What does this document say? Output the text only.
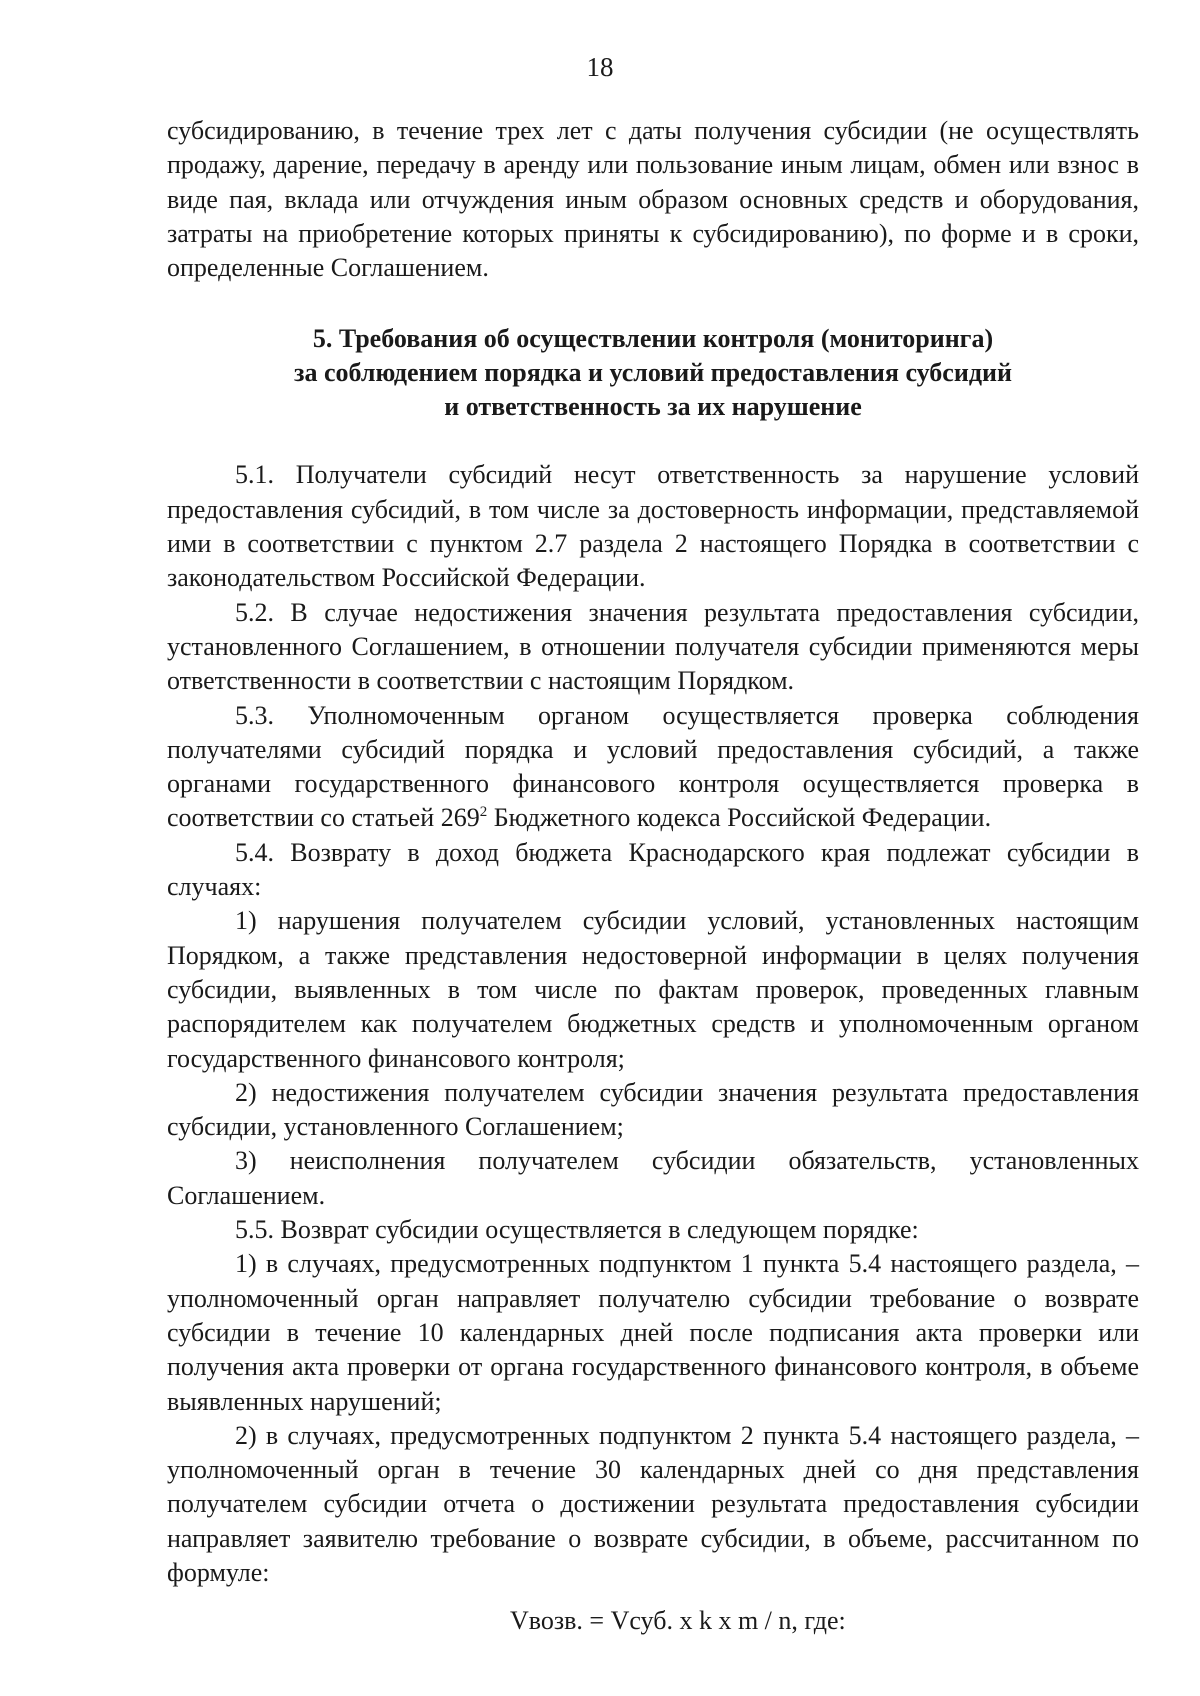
18

субсидированию, в течение трех лет с даты получения субсидии (не осуществлять продажу, дарение, передачу в аренду или пользование иным лицам, обмен или взнос в виде пая, вклада или отчуждения иным образом основных средств и оборудования, затраты на приобретение которых приняты к субсидированию), по форме и в сроки, определенные Соглашением.

5. Требования об осуществлении контроля (мониторинга)
за соблюдением порядка и условий предоставления субсидий
и ответственность за их нарушение

5.1. Получатели субсидий несут ответственность за нарушение условий предоставления субсидий, в том числе за достоверность информации, представляемой ими в соответствии с пунктом 2.7 раздела 2 настоящего Порядка в соответствии с законодательством Российской Федерации.

5.2. В случае недостижения значения результата предоставления субсидии, установленного Соглашением, в отношении получателя субсидии применяются меры ответственности в соответствии с настоящим Порядком.

5.3. Уполномоченным органом осуществляется проверка соблюдения получателями субсидий порядка и условий предоставления субсидий, а также органами государственного финансового контроля осуществляется проверка в соответствии со статьей $269^2$ Бюджетного кодекса Российской Федерации.

5.4. Возврату в доход бюджета Краснодарского края подлежат субсидии в случаях:

1) нарушения получателем субсидии условий, установленных настоящим Порядком, а также представления недостоверной информации в целях получения субсидии, выявленных в том числе по фактам проверок, проведенных главным распорядителем как получателем бюджетных средств и уполномоченным органом государственного финансового контроля;

2) недостижения получателем субсидии значения результата предоставления субсидии, установленного Соглашением;

3) неисполнения получателем субсидии обязательств, установленных Соглашением.

5.5. Возврат субсидии осуществляется в следующем порядке:

1) в случаях, предусмотренных подпунктом 1 пункта 5.4 настоящего раздела, – уполномоченный орган направляет получателю субсидии требование о возврате субсидии в течение 10 календарных дней после подписания акта проверки или получения акта проверки от органа государственного финансового контроля, в объеме выявленных нарушений;

2) в случаях, предусмотренных подпунктом 2 пункта 5.4 настоящего раздела, – уполномоченный орган в течение 30 календарных дней со дня представления получателем субсидии отчета о достижении результата предоставления субсидии направляет заявителю требование о возврате субсидии, в объеме, рассчитанном по формуле:

Vвозв. = Vсуб. x k x m / n, где:
